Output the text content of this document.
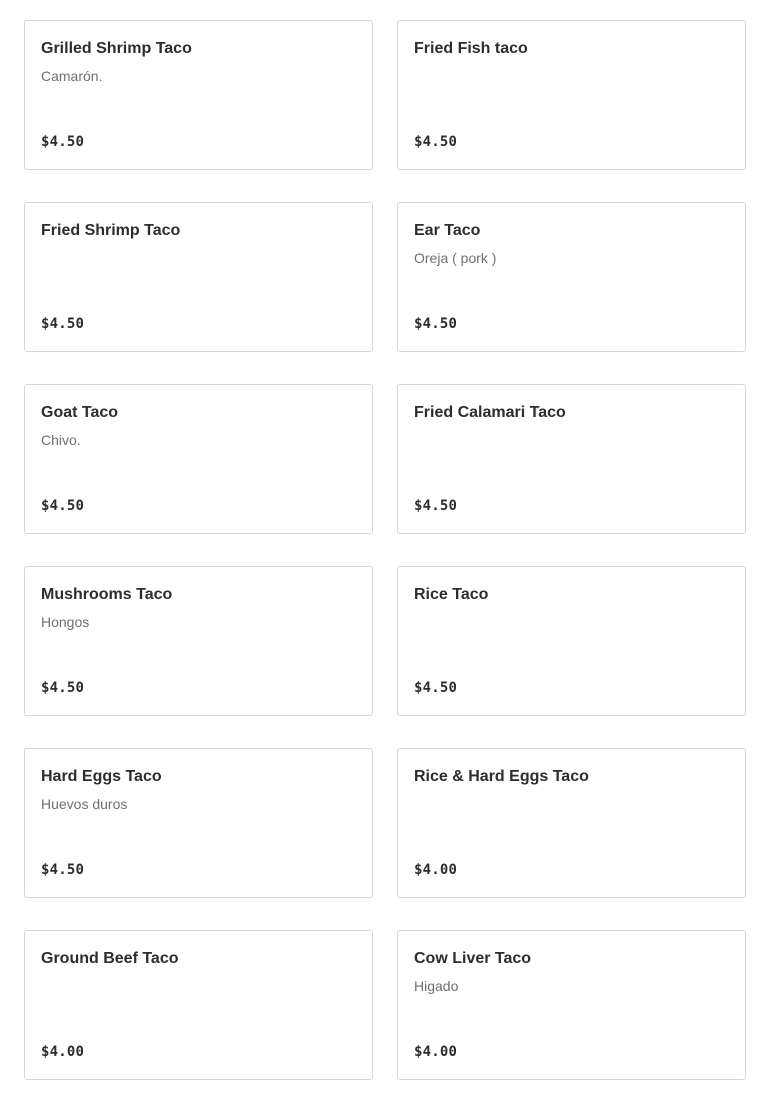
Grilled Shrimp Taco
Camarón.
$4.50
Fried Fish taco
$4.50
Fried Shrimp Taco
$4.50
Ear Taco
Oreja ( pork )
$4.50
Goat Taco
Chivo.
$4.50
Fried Calamari Taco
$4.50
Mushrooms Taco
Hongos
$4.50
Rice Taco
$4.50
Hard Eggs Taco
Huevos duros
$4.50
Rice & Hard Eggs Taco
$4.00
Ground Beef Taco
$4.00
Cow Liver Taco
Higado
$4.00
